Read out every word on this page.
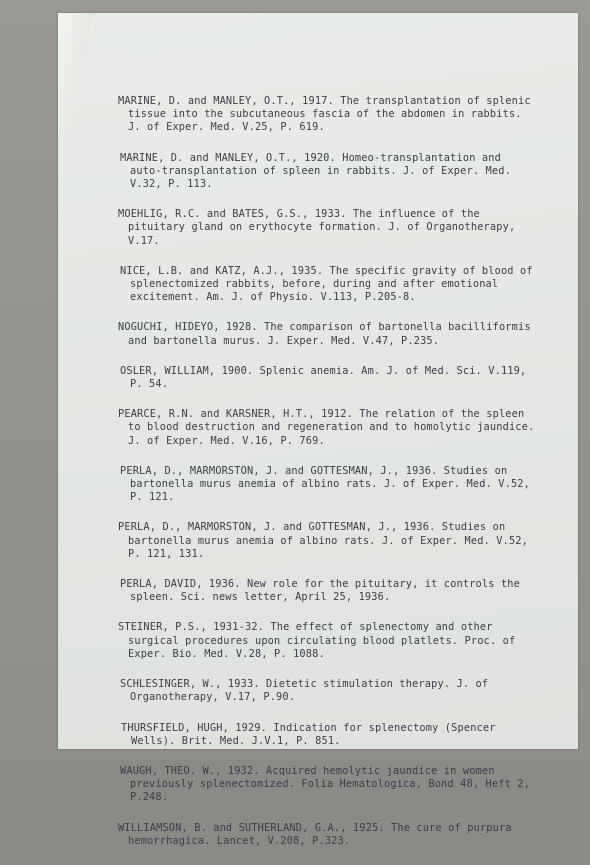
MARINE, D. and MANLEY, O.T., 1917. The transplantation of splenic tissue into the subcutaneous fascia of the abdomen in rabbits. J. of Exper. Med. V.25, P. 619.
MARINE, D. and MANLEY, O.T., 1920. Homeo-transplantation and auto-transplantation of spleen in rabbits. J. of Exper. Med. V.32, P. 113.
MOEHLIG, R.C. and BATES, G.S., 1933. The influence of the pituitary gland on erythocyte formation. J. of Organotherapy, V.17.
NICE, L.B. and KATZ, A.J., 1935. The specific gravity of blood of splenectomized rabbits, before, during and after emotional excitement. Am. J. of Physio. V.113, P.205-8.
NOGUCHI, HIDEYO, 1928. The comparison of bartonella bacilliformis and bartonella murus. J. Exper. Med. V.47, P.235.
OSLER, WILLIAM, 1900. Splenic anemia. Am. J. of Med. Sci. V.119, P. 54.
PEARCE, R.N. and KARSNER, H.T., 1912. The relation of the spleen to blood destruction and regeneration and to homolytic jaundice. J. of Exper. Med. V.16, P. 769.
PERLA, D., MARMORSTON, J. and GOTTESMAN, J., 1936. Studies on bartonella murus anemia of albino rats. J. of Exper. Med. V.52, P. 121.
PERLA, D., MARMORSTON, J. and GOTTESMAN, J., 1936. Studies on bartonella murus anemia of albino rats. J. of Exper. Med. V.52, P. 121, 131.
PERLA, DAVID, 1936. New role for the pituitary, it controls the spleen. Sci. news letter, April 25, 1936.
STEINER, P.S., 1931-32. The effect of splenectomy and other surgical procedures upon circulating blood platlets. Proc. of Exper. Bio. Med. V.28, P. 1088.
SCHLESINGER, W., 1933. Dietetic stimulation therapy. J. of Organotherapy, V.17, P.90.
THURSFIELD, HUGH, 1929. Indication for splenectomy (Spencer Wells). Brit. Med. J.V.1, P. 851.
WAUGH, THEO. W., 1932. Acquired hemolytic jaundice in women previously splenectomized. Folia Hematologica, Bond 48, Heft 2, P.248.
WILLIAMSON, B. and SUTHERLAND, G.A., 1925. The cure of purpura hemorrhagica. Lancet, V.208, P.323.
